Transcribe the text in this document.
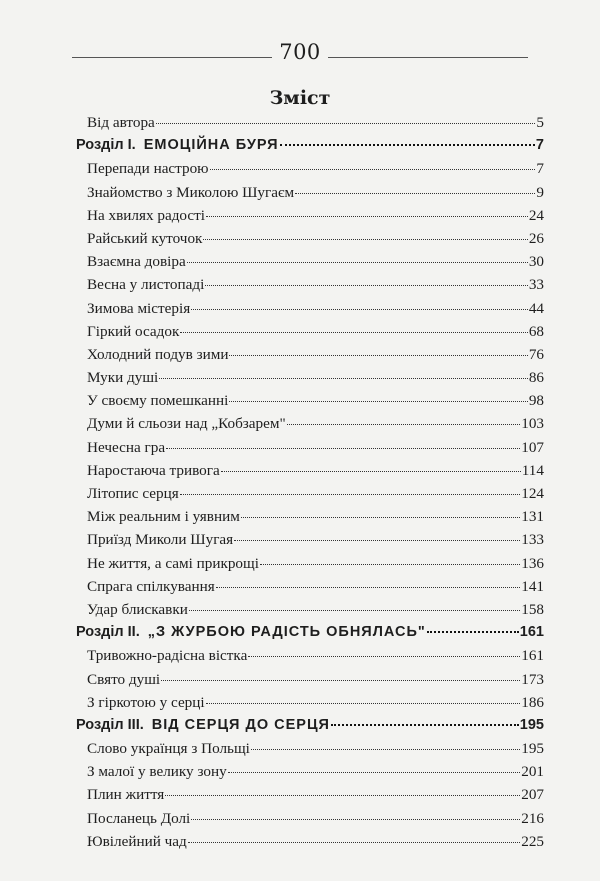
700
Зміст
Від автора	5
Розділ I. ЕМОЦІЙНА БУРЯ	7
Перепади настрою	7
Знайомство з Миколою Шугаєм	9
На хвилях радості	24
Райський куточок	26
Взаємна довіра	30
Весна у листопаді	33
Зимова містерія	44
Гіркий осадок	68
Холодний подув зими	76
Муки душі	86
У своєму помешканні	98
Думи й сльози над „Кобзарем"	103
Нечесна гра	107
Наростаюча тривога	114
Літопис серця	124
Між реальним і уявним	131
Приїзд Миколи Шугая	133
Не життя, а самі прикрощі	136
Спрага спілкування	141
Удар блискавки	158
Розділ II. „З ЖУРБОЮ РАДІСТЬ ОБНЯЛАСЬ"	161
Тривожно-радісна вістка	161
Свято душі	173
З гіркотою у серці	186
Розділ III. ВІД СЕРЦЯ ДО СЕРЦЯ	195
Слово українця з Польщі	195
З малої у велику зону	201
Плин життя	207
Посланець Долі	216
Ювілейний чад	225
